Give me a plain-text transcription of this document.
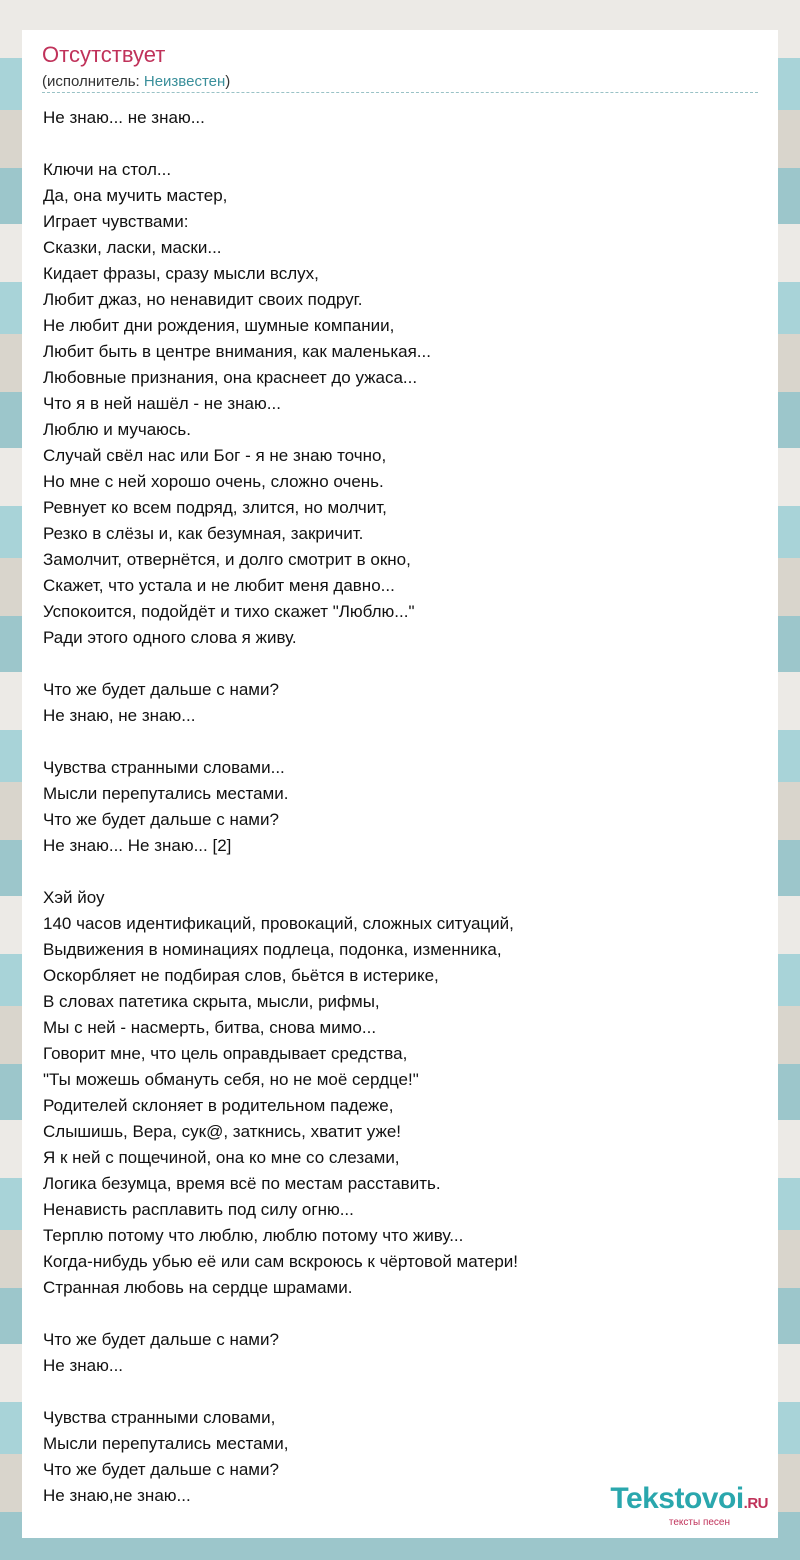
Отсутствует
(исполнитель: Неизвестен)
Не знаю... не знаю...

Ключи на стол...
Да, она мучить мастер,
Играет чувствами:
Сказки, ласки, маски...
Кидает фразы, сразу мысли вслух,
Любит джаз, но ненавидит своих подруг.
Не любит дни рождения, шумные компании,
Любит быть в центре внимания, как маленькая...
Любовные признания, она краснеет до ужаса...
Что я в ней нашёл - не знаю...
Люблю и мучаюсь.
Случай свёл нас или Бог - я не знаю точно,
Но мне с ней хорошо очень, сложно очень.
Ревнует ко всем подряд, злится, но молчит,
Резко в слёзы и, как безумная, закричит.
Замолчит, отвернётся, и долго смотрит в окно,
Скажет, что устала и не любит меня давно...
Успокоится, подойдёт и тихо скажет "Люблю..."
Ради этого одного слова я живу.

Что же будет дальше с нами?
Не знаю, не знаю...

Чувства странными словами...
Мысли перепутались местами.
Что же будет дальше с нами?
Не знаю... Не знаю... [2]

Хэй йоу
140 часов идентификаций, провокаций, сложных ситуаций,
Выдвижения в номинациях подлеца, подонка, изменника,
Оскорбляет не подбирая слов, бьётся в истерике,
В словах патетика скрыта, мысли, рифмы,
Мы с ней - насмерть, битва, снова мимо...
Говорит мне, что цель оправдывает средства,
"Ты можешь обмануть себя, но не моё сердце!"
Родителей склоняет в родительном падеже,
Слышишь, Вера, сук@, заткнись, хватит уже!
Я к ней с пощечиной, она ко мне со слезами,
Логика безумца, время всё по местам расставить.
Ненависть расплавить под силу огню...
Терплю потому что люблю, люблю потому что живу...
Когда-нибудь убью её или сам вскроюсь к чёртовой матери!
Странная любовь на сердце шрамами.

Что же будет дальше с нами?
Не знаю...

Чувства странными словами,
Мысли перепутались местами,
Что же будет дальше с нами?
Не знаю,не знаю...	Tekstovoi.RU
тексты песен
